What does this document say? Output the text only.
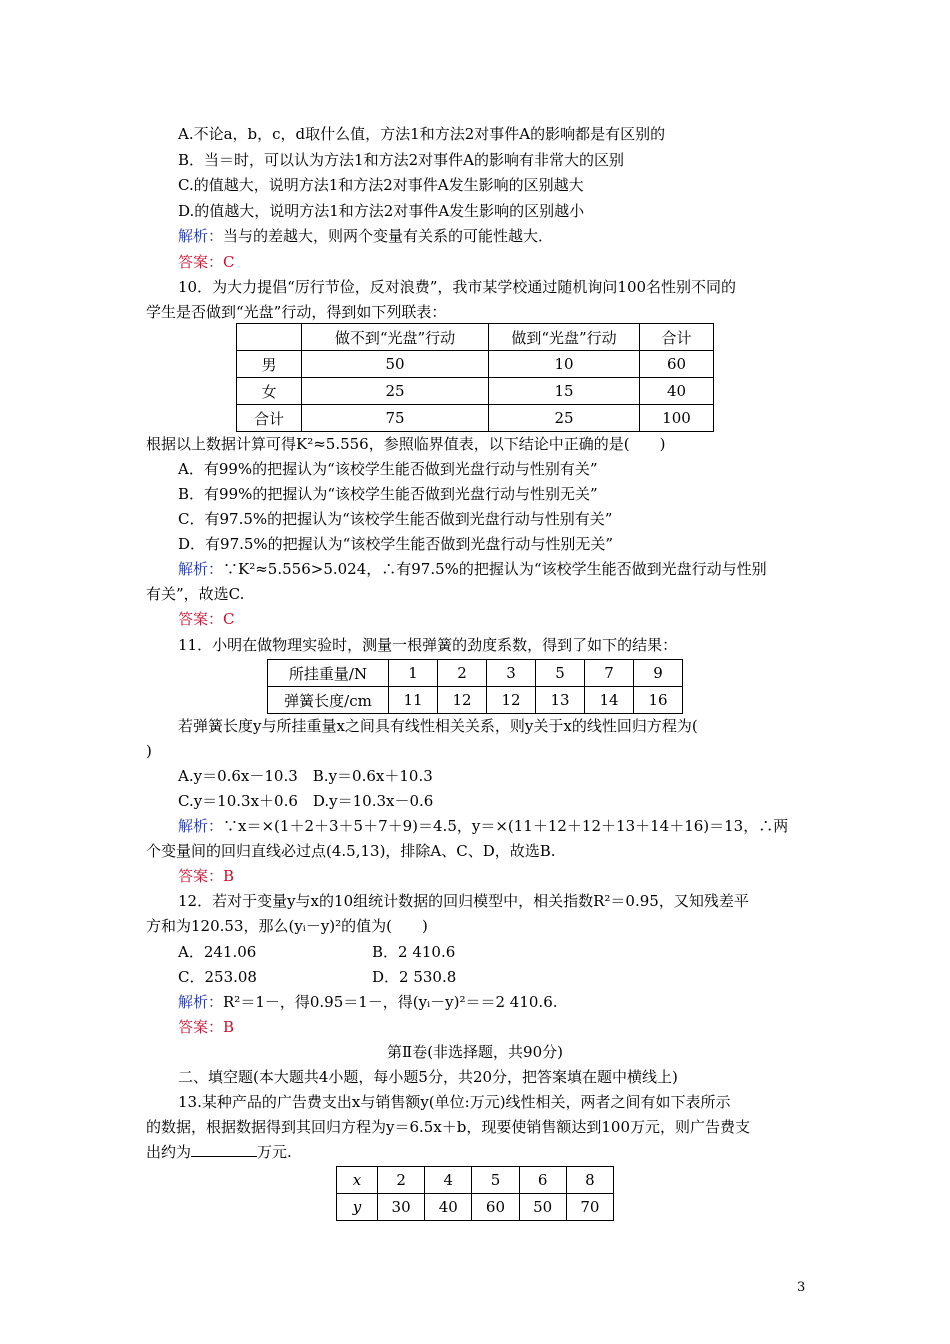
A.不论a，b，c，d取什么值，方法1和方法2对事件A的影响都是有区别的
B．当＝时，可以认为方法1和方法2对事件A的影响有非常大的区别
C.的值越大，说明方法1和方法2对事件A发生影响的区别越大
D.的值越大，说明方法1和方法2对事件A发生影响的区别越小
解析：当与的差越大，则两个变量有关系的可能性越大．
答案：C
10．为大力提倡“厉行节俭，反对浪费”，我市某学校通过随机询问100名性别不同的
学生是否做到“光盘”行动，得到如下列联表：
	做不到“光盘”行动	做到“光盘”行动	合计
男	50	10	60
女	25	15	40
合计	75	25	100
根据以上数据计算可得K²≈5.556，参照临界值表，以下结论中正确的是(　　)
A．有99%的把握认为“该校学生能否做到光盘行动与性别有关”
B．有99%的把握认为“该校学生能否做到光盘行动与性别无关”
C．有97.5%的把握认为“该校学生能否做到光盘行动与性别有关”
D．有97.5%的把握认为“该校学生能否做到光盘行动与性别无关”
解析：∵K²≈5.556>5.024，∴有97.5%的把握认为“该校学生能否做到光盘行动与性别
有关”，故选C.
答案：C
11．小明在做物理实验时，测量一根弹簧的劲度系数，得到了如下的结果：
所挂重量/N	1	2	3	5	7	9
弹簧长度/cm	11	12	12	13	14	16
若弹簧长度y与所挂重量x之间具有线性相关关系，则y关于x的线性回归方程为(
)
A.y＝0.6x－10.3　B.y＝0.6x＋10.3
C.y＝10.3x＋0.6　D.y＝10.3x－0.6
解析：∵x＝×(1＋2＋3＋5＋7＋9)＝4.5，y＝×(11＋12＋12＋13＋14＋16)＝13，∴两
个变量间的回归直线必过点(4.5,13)，排除A、C、D，故选B.
答案：B
12．若对于变量y与x的10组统计数据的回归模型中，相关指数R²＝0.95，又知残差平
方和为120.53，那么(yᵢ－y)²的值为(　　)
A．241.06	B．2 410.6
C．253.08	D．2 530.8
解析：R²＝1－，得0.95＝1－，得(yᵢ－y)²＝＝2 410.6.
答案：B
第Ⅱ卷(非选择题，共90分)
二、填空题(本大题共4小题，每小题5分，共20分，把答案填在题中横线上)
13.某种产品的广告费支出x与销售额y(单位:万元)线性相关，两者之间有如下表所示
的数据，根据数据得到其回归方程为y＝6.5x＋b，现要使销售额达到100万元，则广告费支
出约为	万元.
x	2	4	5	6	8
y	30	40	60	50	70
3
